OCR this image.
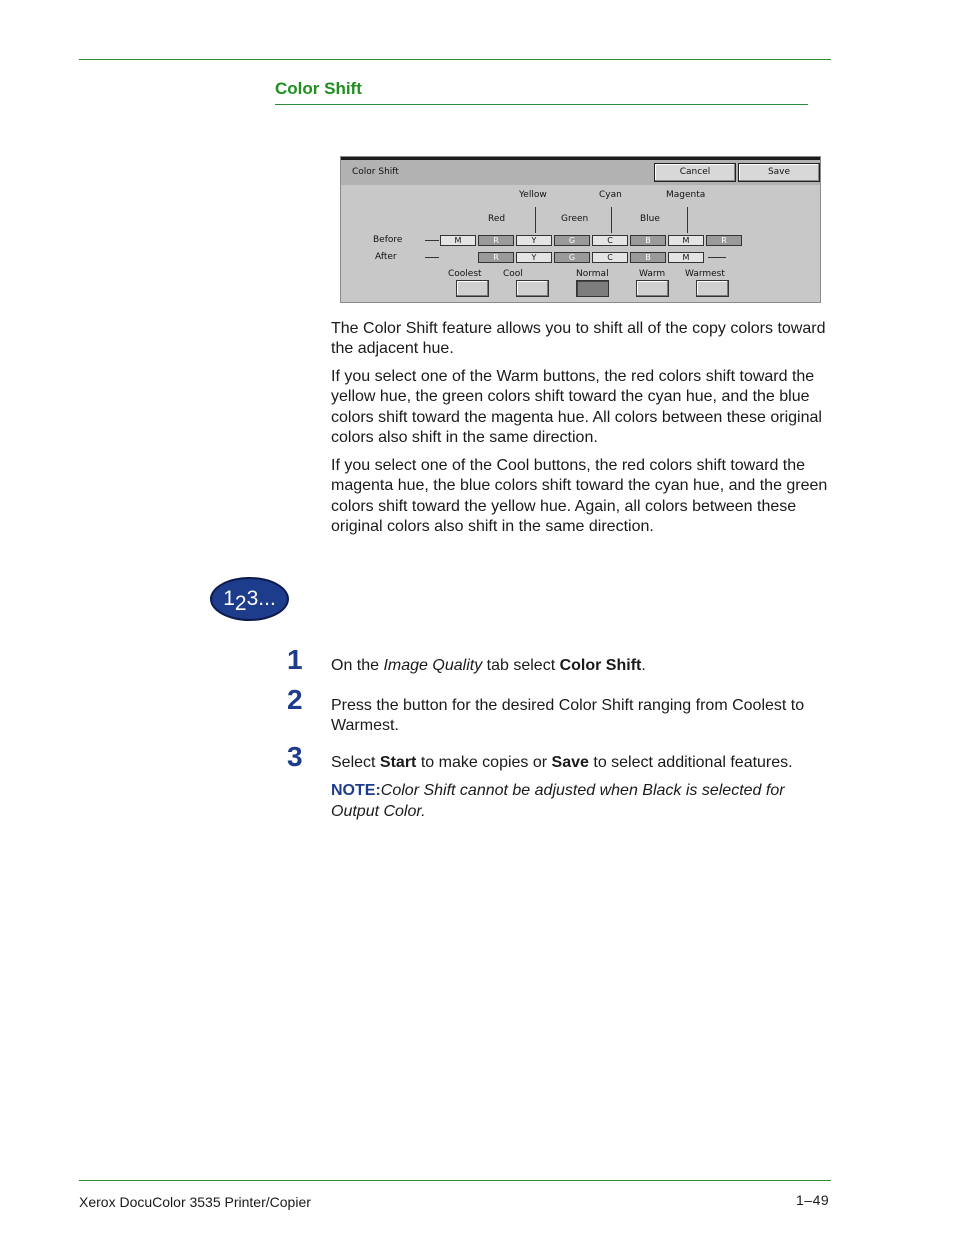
Color Shift
Color Shift	Cancel	Save
Yellow	Cyan	Magenta
Red	Green	Blue
Before
After
M	R	Y	G	C	B	M	R
R	Y	G	C	B	M
Coolest Cool	Normal	Warm Warmest

The Color Shift feature allows you to shift all of the copy colors toward the adjacent hue.

If you select one of the Warm buttons, the red colors shift toward the yellow hue, the green colors shift toward the cyan hue, and the blue colors shift toward the magenta hue. All colors between these original colors also shift in the same direction.

If you select one of the Cool buttons, the red colors shift toward the magenta hue, the blue colors shift toward the cyan hue, and the green colors shift toward the yellow hue. Again, all colors between these original colors also shift in the same direction.

123...

1 On the Image Quality tab select Color Shift.

2 Press the button for the desired Color Shift ranging from Coolest to Warmest.

3 Select Start to make copies or Save to select additional features.

NOTE:Color Shift cannot be adjusted when Black is selected for Output Color.

Xerox DocuColor 3535 Printer/Copier	1–49
